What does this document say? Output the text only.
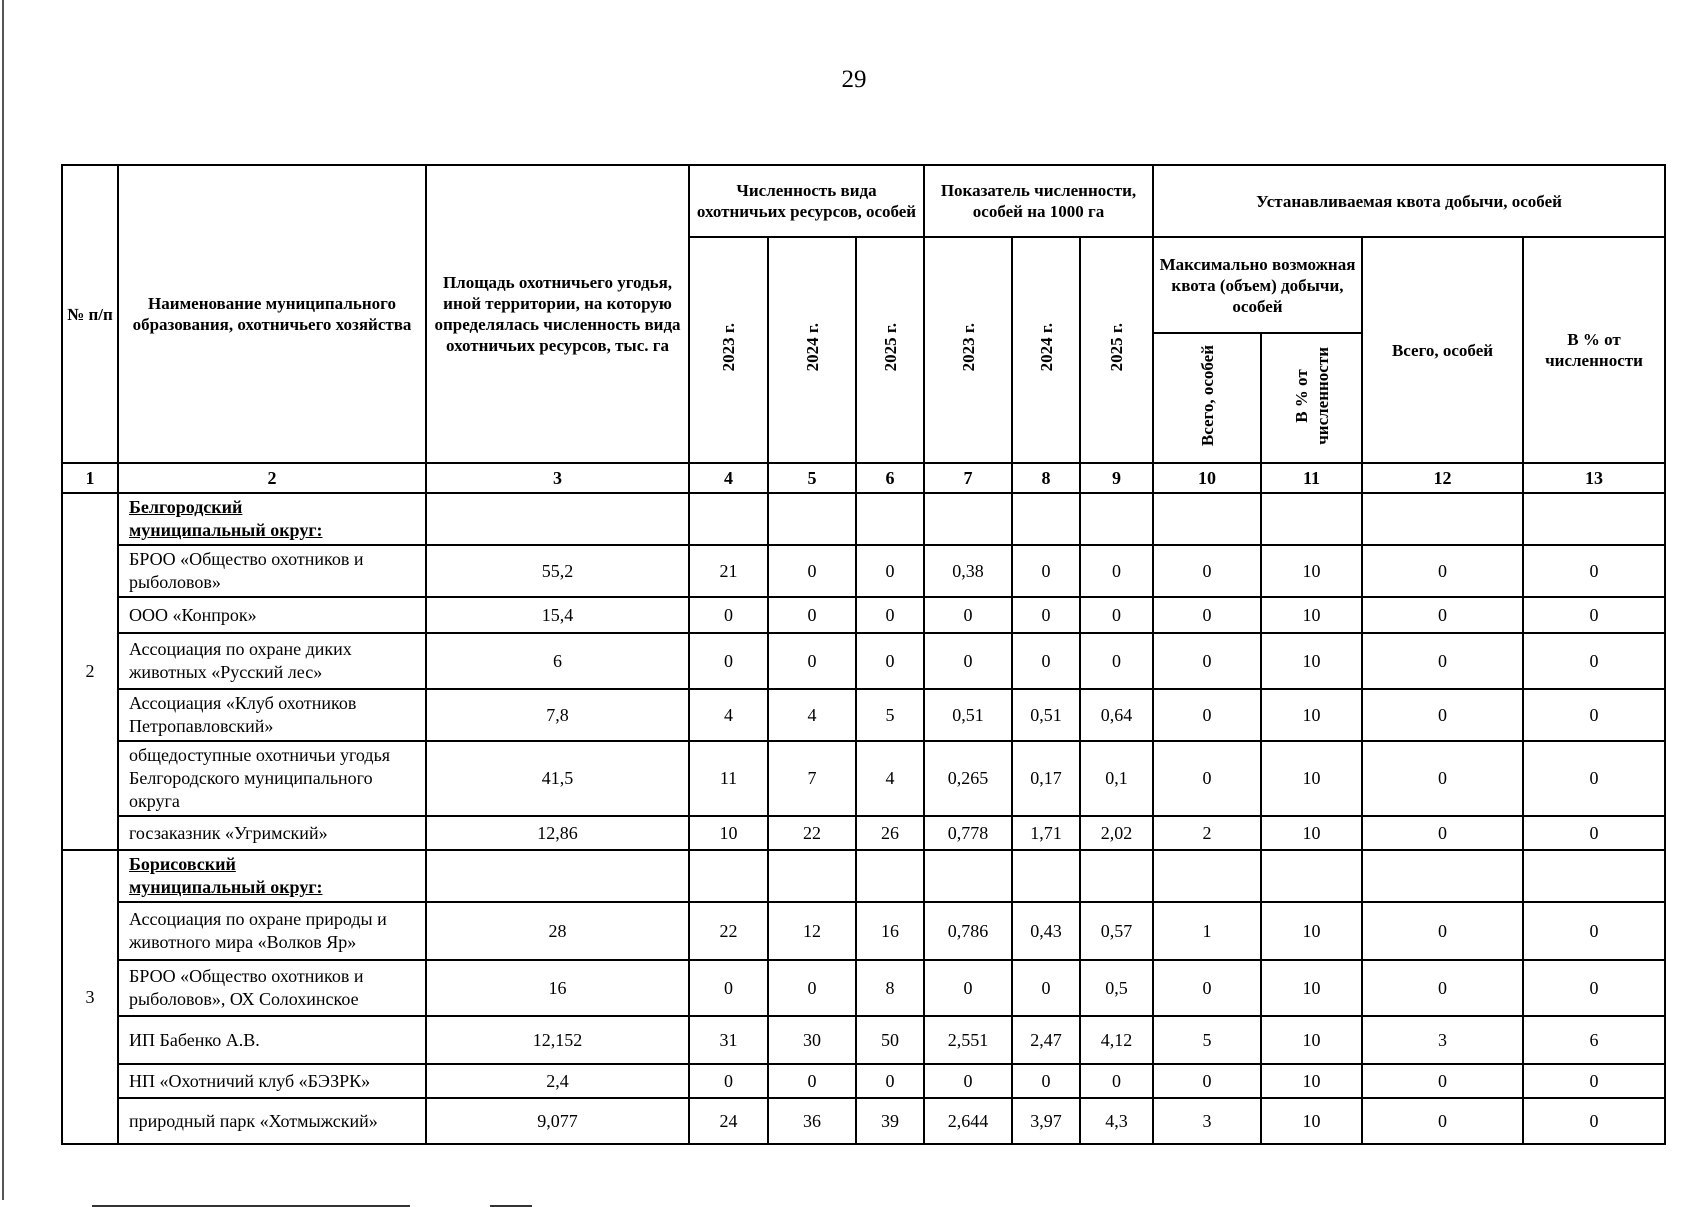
29
№ п/п	Наименование муниципального образования, охотничьего хозяйства	Площадь охотничьего угодья, иной территории, на которую определялась численность вида охотничьих ресурсов, тыс. га	Численность вида охотничьих ресурсов, особей			Показатель численности, особей на 1000 га			Устанавливаемая квота добычи, особей			
			2023 г.	2024 г.	2025 г.	2023 г.	2024 г.	2025 г.	Максимально возможная квота (объем) добычи, особей		Всего, особей	В % от численности
									Всего, особей	В % от численности		
1	2	3	4	5	6	7	8	9	10	11	12	13
2	Белгородский
муниципальный округ:											
	БРОО «Общество охотников и рыболовов»	55,2	21	0	0	0,38	0	0	0	10	0	0
	ООО «Конпрок»	15,4	0	0	0	0	0	0	0	10	0	0
	Ассоциация по охране диких животных «Русский лес»	6	0	0	0	0	0	0	0	10	0	0
	Ассоциация «Клуб охотников Петропавловский»	7,8	4	4	5	0,51	0,51	0,64	0	10	0	0
	общедоступные охотничьи угодья Белгородского муниципального округа	41,5	11	7	4	0,265	0,17	0,1	0	10	0	0
	госзаказник «Угримский»	12,86	10	22	26	0,778	1,71	2,02	2	10	0	0
3	Борисовский
муниципальный округ:											
	Ассоциация по охране природы и животного мира «Волков Яр»	28	22	12	16	0,786	0,43	0,57	1	10	0	0
	БРОО «Общество охотников и рыболовов», ОХ Солохинское	16	0	0	8	0	0	0,5	0	10	0	0
	ИП Бабенко А.В.	12,152	31	30	50	2,551	2,47	4,12	5	10	3	6
	НП «Охотничий клуб «БЭЗРК»	2,4	0	0	0	0	0	0	0	10	0	0
	природный парк «Хотмыжский»	9,077	24	36	39	2,644	3,97	4,3	3	10	0	0
